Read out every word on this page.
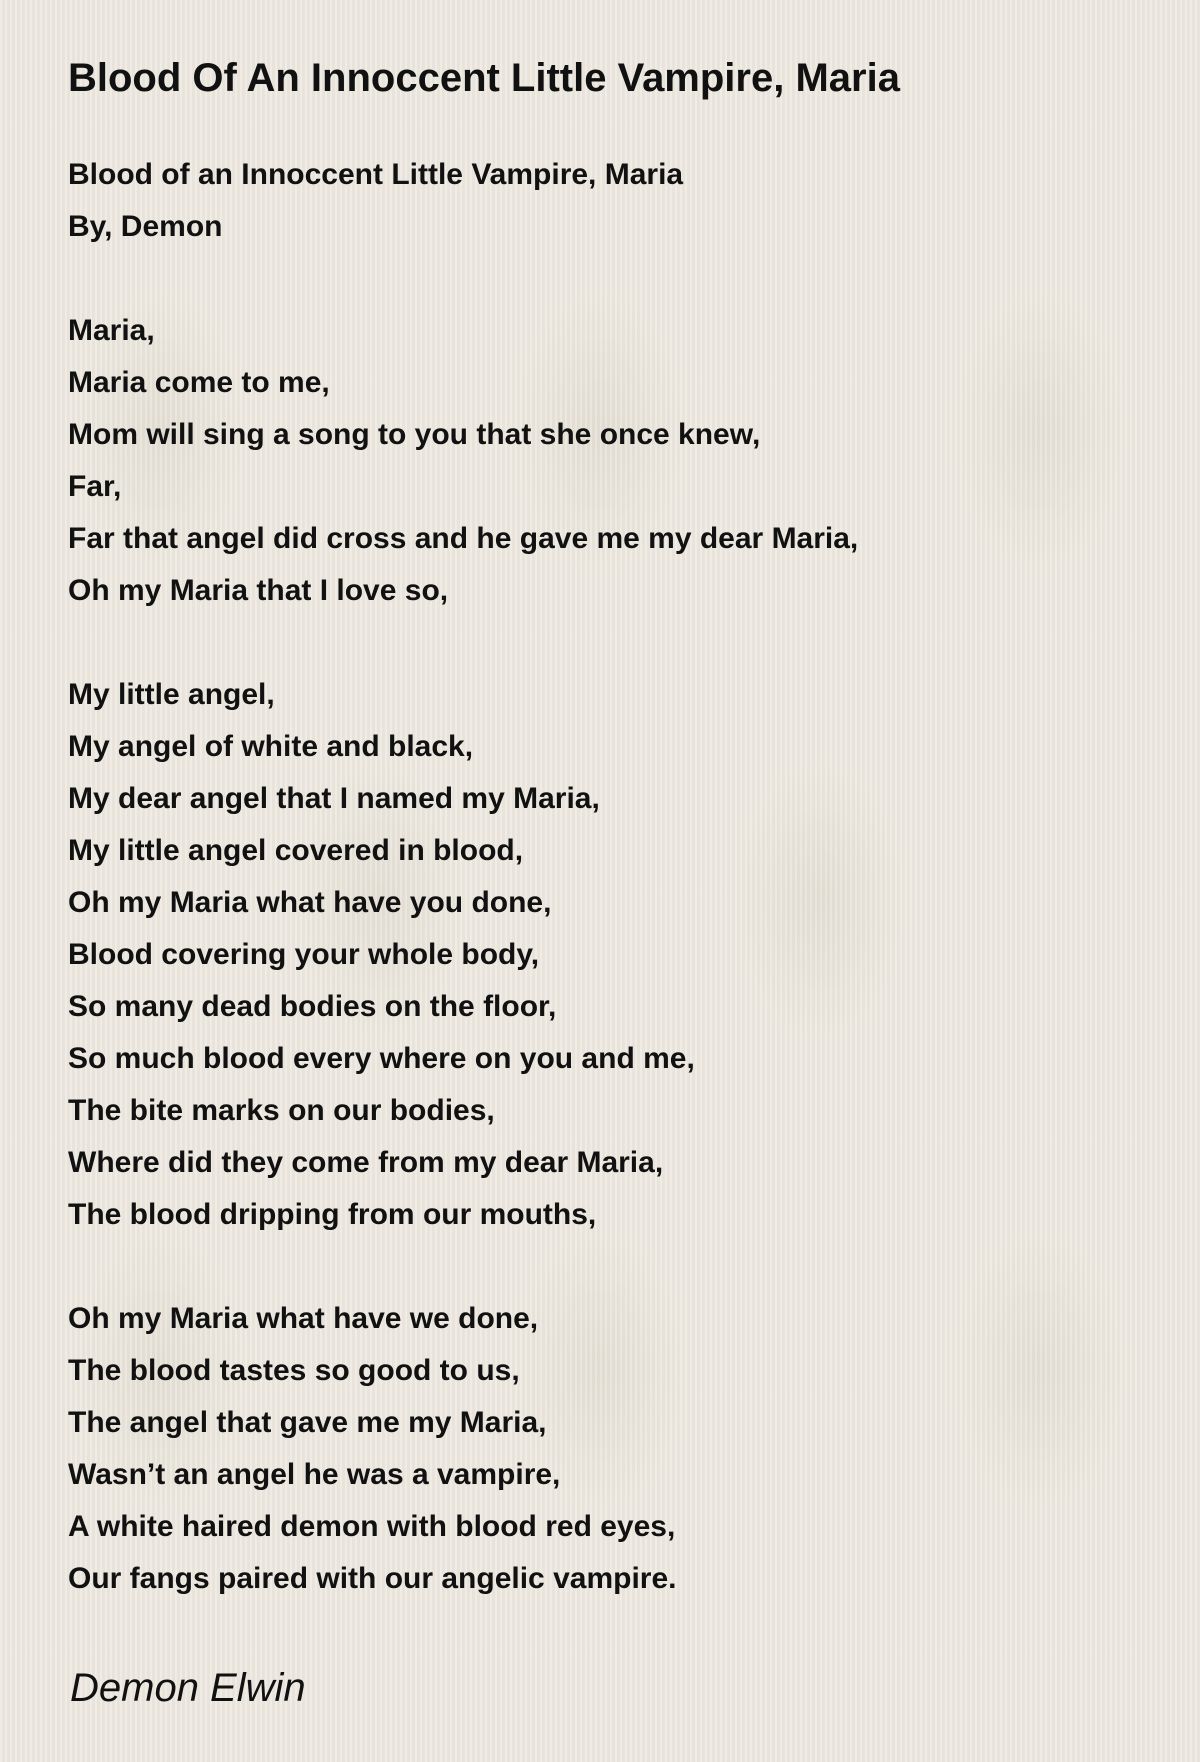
Blood Of An Innoccent Little Vampire, Maria
Blood of an Innoccent Little Vampire, Maria
By, Demon
Maria,
Maria come to me,
Mom will sing a song to you that she once knew,
Far,
Far that angel did cross and he gave me my dear Maria,
Oh my Maria that I love so,
My little angel,
My angel of white and black,
My dear angel that I named my Maria,
My little angel covered in blood,
Oh my Maria what have you done,
Blood covering your whole body,
So many dead bodies on the floor,
So much blood every where on you and me,
The bite marks on our bodies,
Where did they come from my dear Maria,
The blood dripping from our mouths,
Oh my Maria what have we done,
The blood tastes so good to us,
The angel that gave me my Maria,
Wasn’t an angel he was a vampire,
A white haired demon with blood red eyes,
Our fangs paired with our angelic vampire.

Demon Elwin
